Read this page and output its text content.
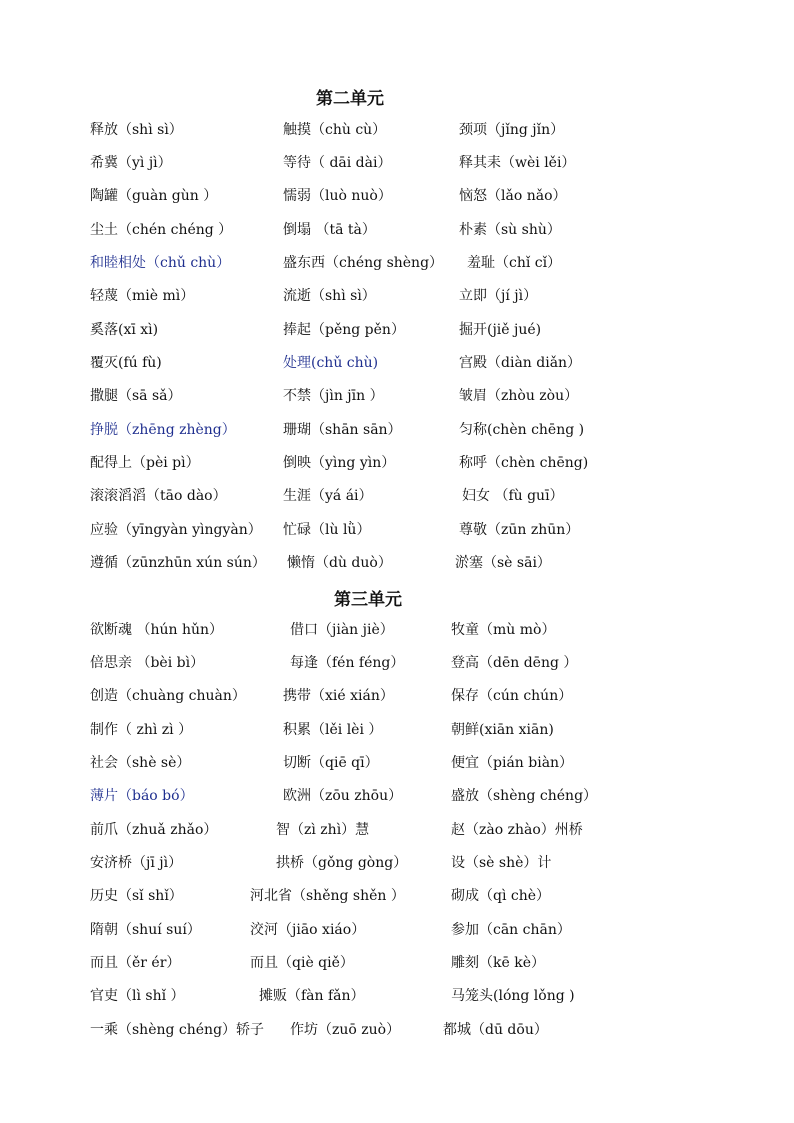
第二单元
释放（shì sì）	触摸（chù cù）	颈项（jǐng jǐn）
希冀（yì jì）	等待（ dāi dài）	释其耒（wèi lěi）
陶罐（guàn gùn ）	懦弱（luò nuò）	恼怒（lǎo nǎo）
尘土（chén chéng ）	倒塌 （tā tà）	朴素（sù shù）
和睦相处（chǔ chù）	盛东西（chéng shèng） 羞耻（chǐ cǐ）
轻蔑（miè mì）	流逝（shì sì）	立即（jí jì）
奚落(xī xì)	捧起（pěng pěn）	掘开(jiě jué)
覆灭(fú fù)	处理(chǔ chù)	宫殿（diàn diǎn）
撒腿（sā sǎ）	不禁（jìn jīn ）	皱眉（zhòu zòu）
挣脱（zhēng zhèng）	珊瑚（shān sān）	匀称(chèn chēng )
配得上（pèi pì）	倒映（yìng yìn）	称呼（chèn chēng)
滚滚滔滔（tāo dào）	生涯（yá ái）	妇女 （fù guī）
应验（yīngyàn yìngyàn） 忙碌（lù lǜ）	尊敬（zūn zhūn）
遵循（zūnzhūn xún sún） 懒惰（dù duò）	淤塞（sè sāi）
第三单元
欲断魂 （hún hǔn）	借口（jiàn jiè）	牧童（mù mò）
倍思亲 （bèi bì）	每逢（fén féng）	登高（dēn dēng ）
创造（chuàng chuàn）	携带（xié xián）	保存（cún chún）
制作（ zhì zì ）	积累（lěi lèi ）	朝鲜(xiān xiān)
社会（shè sè）	切断（qiē qī）	便宜（pián biàn）
薄片（báo bó）	欧洲（zōu zhōu）	盛放（shèng chéng）
前爪（zhuǎ zhǎo）	智（zì zhì）慧	赵（zào zhào）州桥
安济桥（jī jì）	拱桥（gǒng gòng）	设（sè shè）计
历史（sǐ shǐ）	河北省（shěng shěn ）	砌成（qì chè）
隋朝（shuí suí）	洨河（jiāo xiáo）	参加（cān chān）
而且（ěr ér）	而且（qiè qiě）	雕刻（kē kè）
官吏（lì shǐ ）	摊贩（fàn fǎn）	马笼头(lóng lǒng )
一乘（shèng chéng）轿子 作坊（zuō zuò）	都城（dū dōu）
